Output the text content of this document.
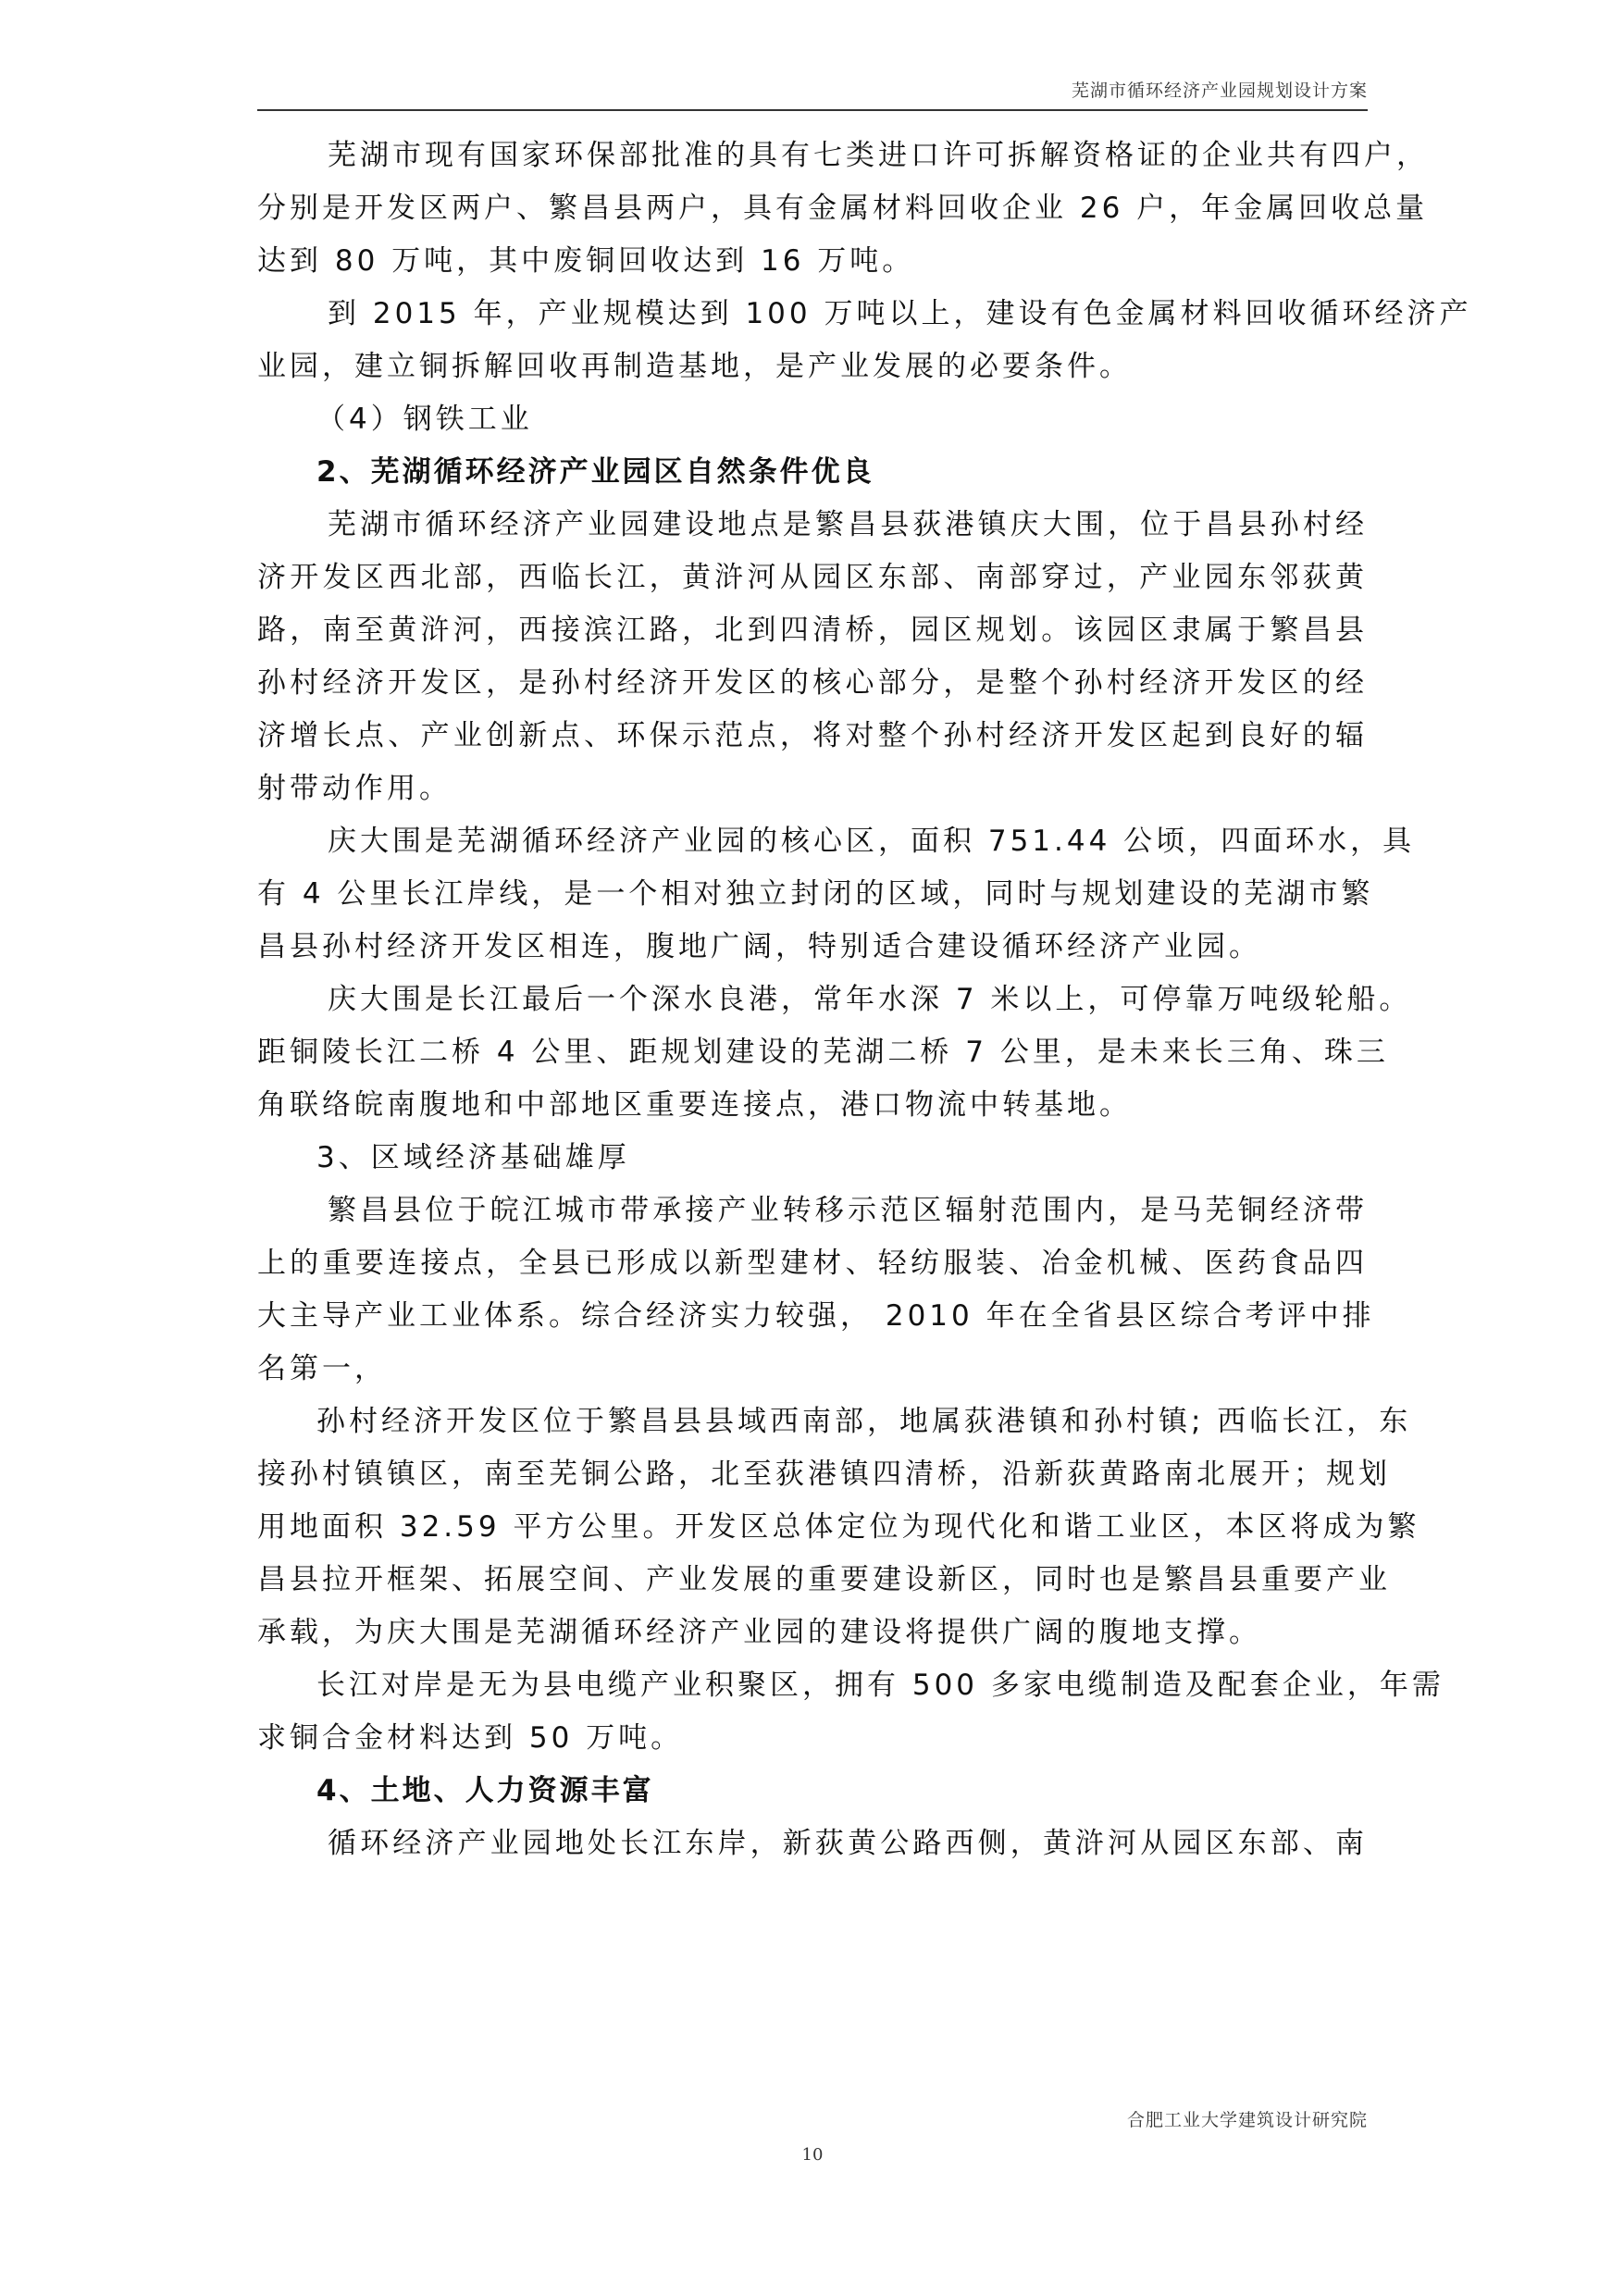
芜湖市循环经济产业园规划设计方案
芜湖市现有国家环保部批准的具有七类进口许可拆解资格证的企业共有四户，
分别是开发区两户、繁昌县两户，具有金属材料回收企业 26 户，年金属回收总量
达到 80 万吨，其中废铜回收达到 16 万吨。
到 2015 年，产业规模达到 100 万吨以上，建设有色金属材料回收循环经济产
业园，建立铜拆解回收再制造基地，是产业发展的必要条件。
（4）钢铁工业
2、芜湖循环经济产业园区自然条件优良
芜湖市循环经济产业园建设地点是繁昌县荻港镇庆大围，位于昌县孙村经
济开发区西北部，西临长江，黄浒河从园区东部、南部穿过，产业园东邻荻黄
路，南至黄浒河，西接滨江路，北到四清桥，园区规划。该园区隶属于繁昌县
孙村经济开发区，是孙村经济开发区的核心部分，是整个孙村经济开发区的经
济增长点、产业创新点、环保示范点，将对整个孙村经济开发区起到良好的辐
射带动作用。
庆大围是芜湖循环经济产业园的核心区，面积 751.44 公顷，四面环水，具
有 4 公里长江岸线，是一个相对独立封闭的区域，同时与规划建设的芜湖市繁
昌县孙村经济开发区相连，腹地广阔，特别适合建设循环经济产业园。
庆大围是长江最后一个深水良港，常年水深 7 米以上，可停靠万吨级轮船。
距铜陵长江二桥 4 公里、距规划建设的芜湖二桥 7 公里，是未来长三角、珠三
角联络皖南腹地和中部地区重要连接点，港口物流中转基地。
3、区域经济基础雄厚
繁昌县位于皖江城市带承接产业转移示范区辐射范围内，是马芜铜经济带
上的重要连接点，全县已形成以新型建材、轻纺服装、冶金机械、医药食品四
大主导产业工业体系。综合经济实力较强， 2010 年在全省县区综合考评中排
名第一，
孙村经济开发区位于繁昌县县域西南部，地属荻港镇和孙村镇; 西临长江，东
接孙村镇镇区，南至芜铜公路，北至荻港镇四清桥，沿新荻黄路南北展开；规划
用地面积 32.59 平方公里。开发区总体定位为现代化和谐工业区，本区将成为繁
昌县拉开框架、拓展空间、产业发展的重要建设新区，同时也是繁昌县重要产业
承载，为庆大围是芜湖循环经济产业园的建设将提供广阔的腹地支撑。
长江对岸是无为县电缆产业积聚区，拥有 500 多家电缆制造及配套企业，年需
求铜合金材料达到 50 万吨。
4、土地、人力资源丰富
循环经济产业园地处长江东岸，新荻黄公路西侧，黄浒河从园区东部、南
合肥工业大学建筑设计研究院
10
